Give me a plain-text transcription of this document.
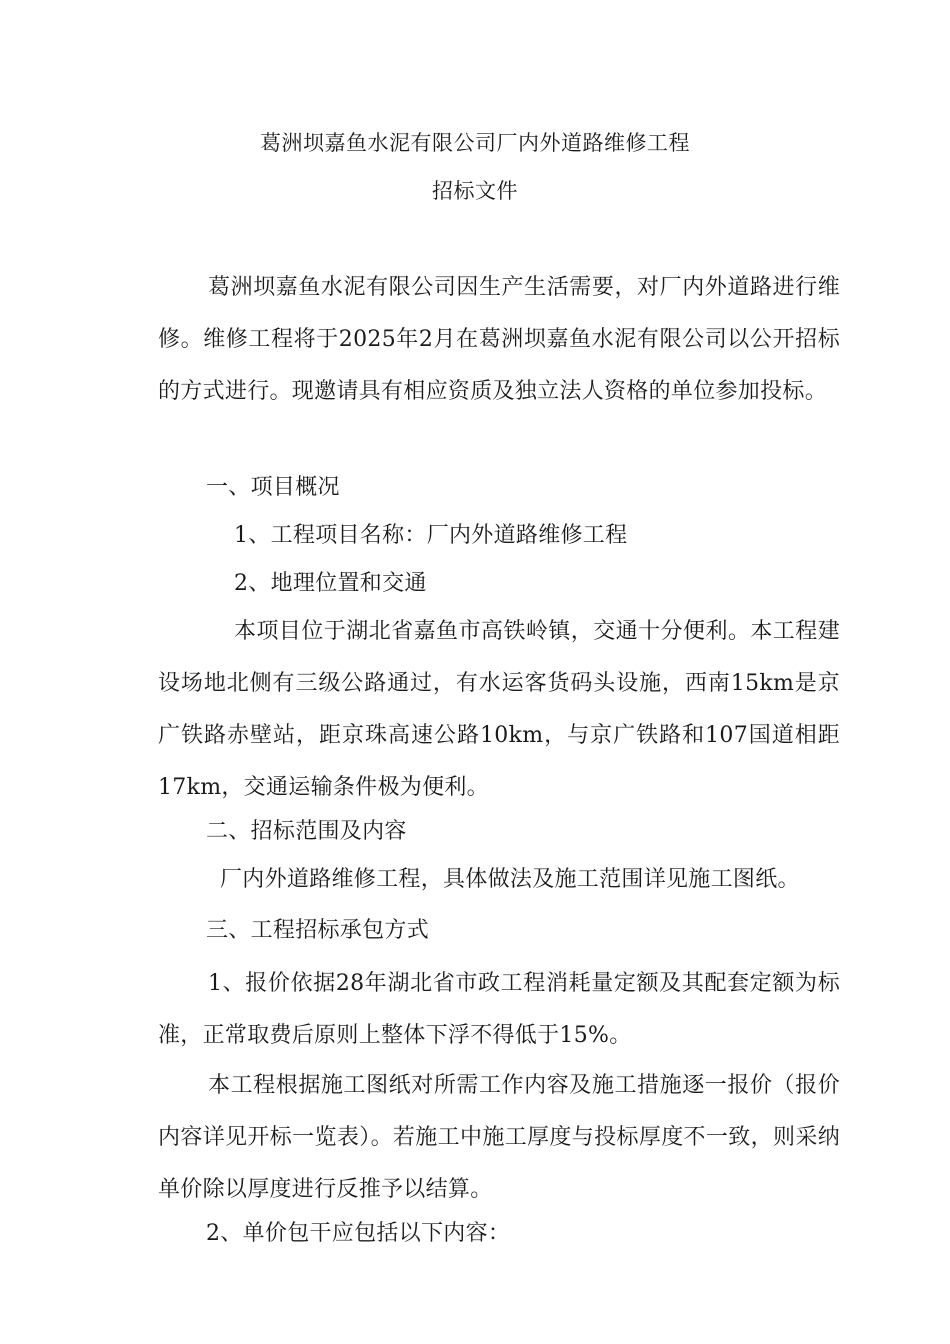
葛洲坝嘉鱼水泥有限公司厂内外道路维修工程
招标文件
葛洲坝嘉鱼水泥有限公司因生产生活需要，对厂内外道路进行维修。维修工程将于2025年2月在葛洲坝嘉鱼水泥有限公司以公开招标的方式进行。现邀请具有相应资质及独立法人资格的单位参加投标。
一、项目概况
1、工程项目名称：厂内外道路维修工程
2、地理位置和交通
本项目位于湖北省嘉鱼市高铁岭镇，交通十分便利。本工程建设场地北侧有三级公路通过，有水运客货码头设施，西南15km是京广铁路赤壁站，距京珠高速公路10km，与京广铁路和107国道相距17km，交通运输条件极为便利。
二、招标范围及内容
厂内外道路维修工程，具体做法及施工范围详见施工图纸。
三、工程招标承包方式
1、报价依据28年湖北省市政工程消耗量定额及其配套定额为标准，正常取费后原则上整体下浮不得低于15%。
本工程根据施工图纸对所需工作内容及施工措施逐一报价（报价内容详见开标一览表）。若施工中施工厚度与投标厚度不一致，则采纳单价除以厚度进行反推予以结算。
2、单价包干应包括以下内容：
